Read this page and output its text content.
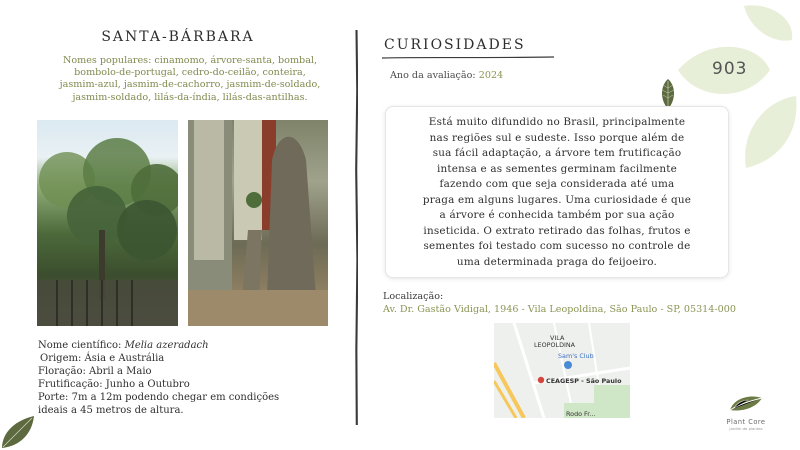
SANTA-BÁRBARA
Nomes populares: cinamomo, árvore-santa, bombal,
bombolo-de-portugal, cedro-do-ceilão, conteira,
jasmim-azul, jasmim-de-cachorro, jasmim-de-soldado,
jasmim-soldado, lilás-da-índia, lilás-das-antilhas.
Nome científico: Melia azeradach
Origem: Ásia e Austrália
Floração: Abril a Maio
Frutificação: Junho a Outubro
Porte: 7m a 12m podendo chegar em condições
ideais a 45 metros de altura.
CURIOSIDADES
Ano da avaliação: 2024	903

Está muito difundido no Brasil, principalmente
nas regiões sul e sudeste. Isso porque além de
sua fácil adaptação, a árvore tem frutificação
intensa e as sementes germinam facilmente
fazendo com que seja considerada até uma
praga em alguns lugares. Uma curiosidade é que
a árvore é conhecida também por sua ação
inseticida. O extrato retirado das folhas, frutos e
sementes foi testado com sucesso no controle de
uma determinada praga do feijoeiro.

Localização:
Av. Dr. Gastão Vidigal, 1946 - Vila Leopoldina, São Paulo - SP, 05314-000
VILA
LEOPOLDINA
Sam's Club
CEAGESP - São Paulo
Rodo Fr...
Plant Core
jardim de plantas
